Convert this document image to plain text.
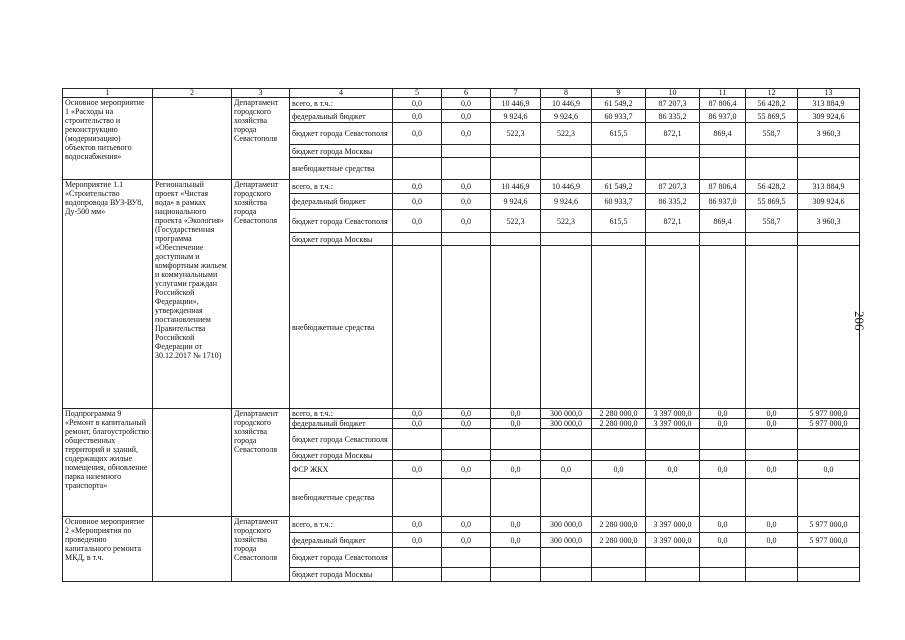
1	2	3	4	5	6	7	8	9	10	11	12	13
Основное мероприятие 1 «Расходы на строительство и реконструкцию (модернизацию) объектов питьевого водоснабжения»		Департамент городского хозяйства города Севастополя	всего, в т.ч.:	0,0	0,0	10 446,9	10 446,9	61 549,2	87 207,3	87 806,4	56 428,2	313 884,9
			федеральный бюджет	0,0	0,0	9 924,6	9 924,6	60 933,7	86 335,2	86 937,0	55 869,5	309 924,6
			бюджет города Севастополя	0,0	0,0	522,3	522,3	615,5	872,1	869,4	558,7	3 960,3
			бюджет города Москвы									
			внебюджетные средства									
Мероприятие 1.1 «Строительство водопровода ВУЗ-ВУ8, Ду-500 мм»	Региональный проект «Чистая вода» в рамках национального проекта «Экология» (Государственная программа «Обеспечение доступным и комфортным жильем и коммунальными услугами граждан Российской Федерации», утвержденная постановлением Правительства Российской Федерации от 30.12.2017 № 1710)	Департамент городского хозяйства города Севастополя	всего, в т.ч.:	0,0	0,0	10 446,9	10 446,9	61 549,2	87 207,3	87 806,4	56 428,2	313 884,9
			федеральный бюджет	0,0	0,0	9 924,6	9 924,6	60 933,7	86 335,2	86 937,0	55 869,5	309 924,6
			бюджет города Севастополя	0,0	0,0	522,3	522,3	615,5	872,1	869,4	558,7	3 960,3
			бюджет города Москвы									
			внебюджетные средства									
Подпрограмма 9 «Ремонт в капитальный ремонт, благоустройство общественных территорий и зданий, содержащих жилые помещения, обновление парка наземного транспорта»		Департамент городского хозяйства города Севастополя	всего, в т.ч.:	0,0	0,0	0,0	300 000,0	2 280 000,0	3 397 000,0	0,0	0,0	5 977 000,0
			федеральный бюджет	0,0	0,0	0,0	300 000,0	2 280 000,0	3 397 000,0	0,0	0,0	5 977 000,0
			бюджет города Севастополя									
			бюджет города Москвы									
			ФСР ЖКХ	0,0	0,0	0,0	0,0	0,0	0,0	0,0	0,0	0,0
			внебюджетные средства									
Основное мероприятие 2 «Мероприятия по проведению капитального ремонта МКД, в т.ч.		Департамент городского хозяйства города Севастополя	всего, в т.ч.:	0,0	0,0	0,0	300 000,0	2 280 000,0	3 397 000,0	0,0	0,0	5 977 000,0
			федеральный бюджет	0,0	0,0	0,0	300 000,0	2 280 000,0	3 397 000,0	0,0	0,0	5 977 000,0
			бюджет города Севастополя									
			бюджет города Москвы									
206
